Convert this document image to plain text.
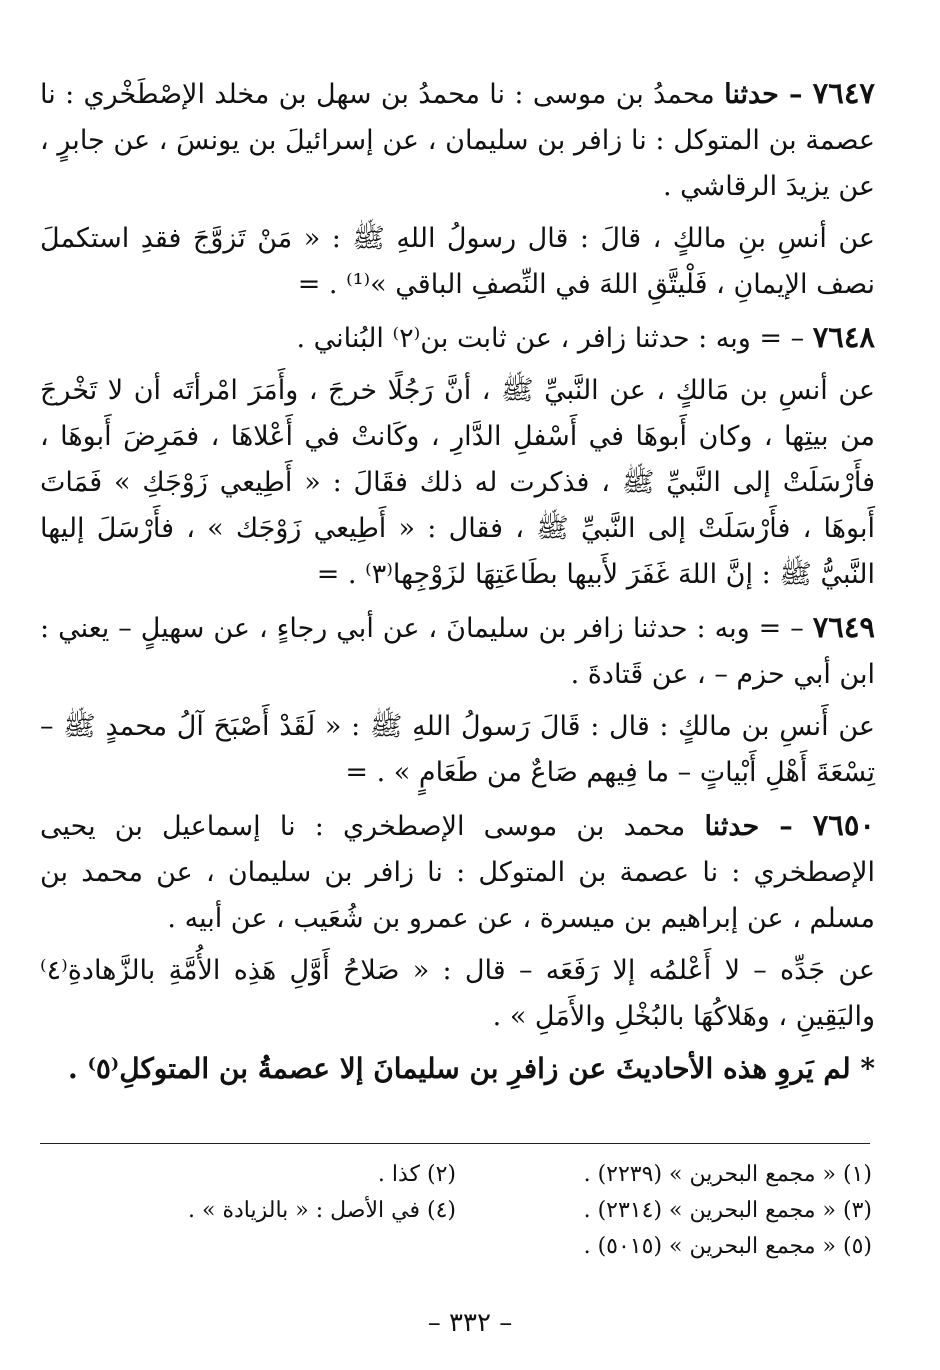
٧٦٤٧ – حدثنا محمدُ بن موسى : نا محمدُ بن سهل بن مخلد الإصْطَخْري : نا عصمة بن المتوكل : نا زافر بن سليمان ، عن إسرائيلَ بن يونسَ ، عن جابرٍ ، عن يزيدَ الرقاشي .

عن أنسِ بنِ مالكٍ ، قالَ : قال رسولُ اللهِ ﷺ : « مَنْ تَزوَّجَ فقدِ استكملَ نصف الإيمانِ ، فَلْيتَّقِ اللهَ في النِّصفِ الباقي »⁽¹⁾ . =

٧٦٤٨ – = وبه : حدثنا زافر ، عن ثابت بن⁽٢⁾ البُناني .

عن أنسِ بن مَالكٍ ، عن النَّبيِّ ﷺ ، أنَّ رَجُلًا خرجَ ، وأَمَرَ امْرأتَه أن لا تَخْرجَ من بيتِها ، وكان أَبوهَا في أَسْفلِ الدَّارِ ، وكَانتْ في أَعْلاهَا ، فمَرِضَ أَبوهَا ، فأَرْسَلَتْ إلى النَّبيِّ ﷺ ، فذكرت له ذلك فقَالَ : « أَطِيعي زَوْجَكِ » فَمَاتَ أَبوهَا ، فأَرْسَلَتْ إلى النَّبيِّ ﷺ ، فقال : « أَطِيعي زَوْجَك » ، فأَرْسَلَ إليها النَّبيُّ ﷺ : إنَّ اللهَ غَفَرَ لأَبيها بطَاعَتِهَا لزَوْجِها⁽٣⁾ . =

٧٦٤٩ – = وبه : حدثنا زافر بن سليمانَ ، عن أبي رجاءٍ ، عن سهيلٍ – يعني : ابن أبي حزم – ، عن قَتادةَ .

عن أَنسِ بن مالكٍ : قال : قَالَ رَسولُ اللهِ ﷺ : « لَقَدْ أَصْبَحَ آلُ محمدٍ ﷺ – تِسْعَةَ أَهْلِ أَبْياتٍ – ما فِيهم صَاعٌ من طَعَامٍ » . =

٧٦٥٠ – حدثنا محمد بن موسى الإصطخري : نا إسماعيل بن يحيى الإصطخري : نا عصمة بن المتوكل : نا زافر بن سليمان ، عن محمد بن مسلم ، عن إبراهيم بن ميسرة ، عن عمرو بن شُعَيب ، عن أبيه .

عن جَدِّه – لا أَعْلمُه إلا رَفَعَه – قال : « صَلاحُ أَوَّلِ هَذِه الأُمَّةِ بالزَّهادةِ⁽٤⁾ واليَقِينِ ، وهَلاكُهَا بالبُخْلِ والأَمَلِ » .

* لم يَروِ هذه الأحاديثَ عن زافرِ بن سليمانَ إلا عصمةُ بن المتوكلِ⁽٥⁾ .

(١) « مجمع البحرين » (٢٢٣٩) .
(٢) كذا .
(٣) « مجمع البحرين » (٢٣١٤) .
(٤) في الأصل : « بالزيادة » .
(٥) « مجمع البحرين » (٥٠١٥) .
– ٣٣٢ –
